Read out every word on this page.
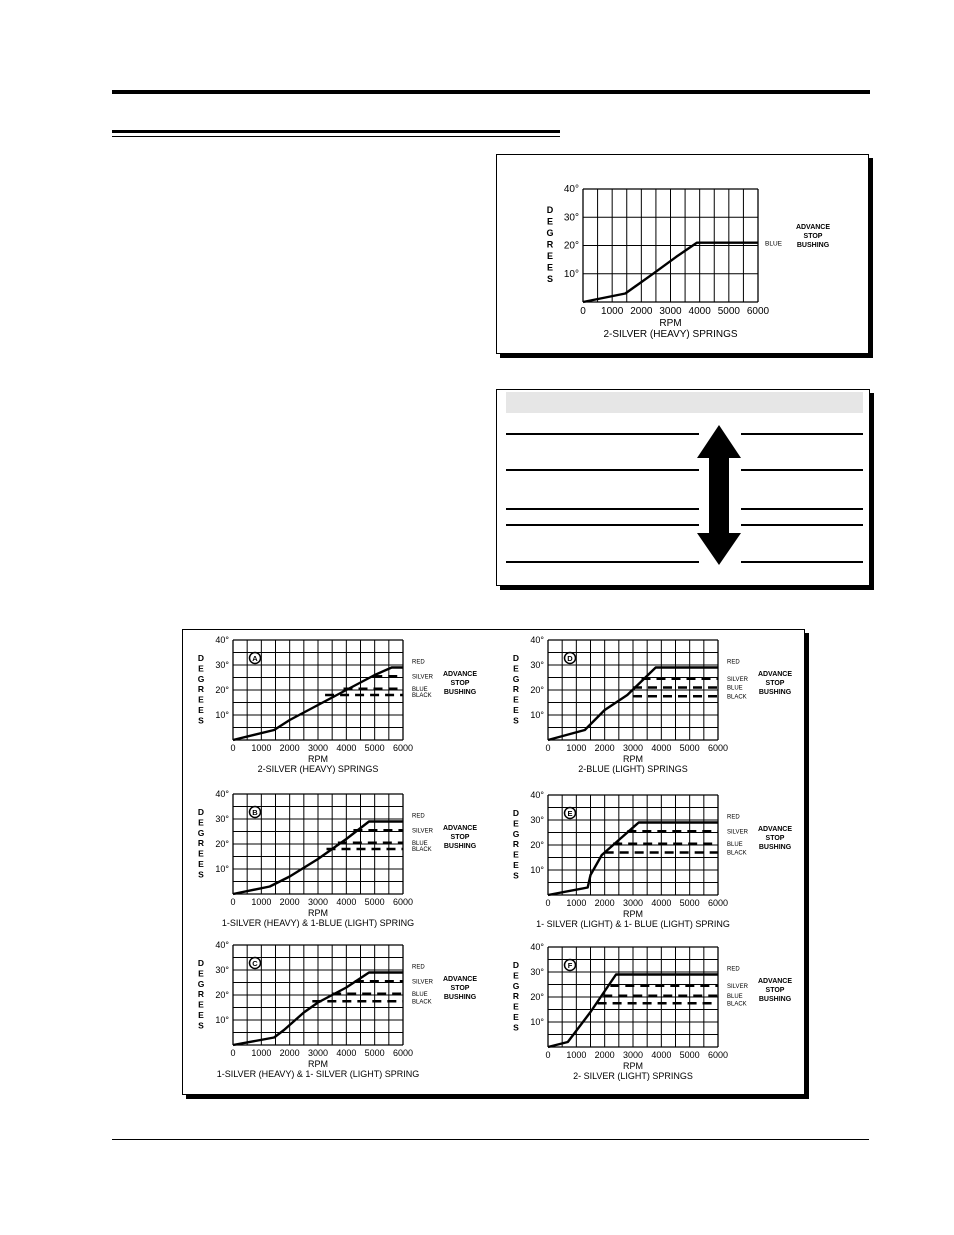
10°
20°
30°
40°
0 1000 2000 3000 4000 5000 6000
RPM
2-SILVER (HEAVY) SPRINGS
D
E
G
R
E
E
S
BLUE
ADVANCE
STOP
BUSHING
10°
20°
30°
40°
0 1000 2000 3000 4000 5000 6000
RPM
2-SILVER (HEAVY) SPRINGS
D
E
G
R
E
E
S
A	RED
SILVER
BLUE
BLACK
ADVANCE
STOP
BUSHING
10°
20°
30°
40°
0 1000 2000 3000 4000 5000 6000
RPM
1-SILVER (HEAVY) & 1-BLUE (LIGHT) SPRING
D
E
G
R
E
E
S
B	RED
SILVER
BLUE
BLACK
ADVANCE
STOP
BUSHING
10°
20°
30°
40°
0 1000 2000 3000 4000 5000 6000
RPM
1-SILVER (HEAVY) & 1- SILVER (LIGHT) SPRING
D
E
G
R
E
E
S
C	RED
SILVER
BLUE
BLACK
ADVANCE
STOP
BUSHING
10°
20°
30°
40°
0 1000 2000 3000 4000 5000 6000
RPM
2-BLUE (LIGHT) SPRINGS
D
E
G
R
E
E
S
D	RED
SILVER
BLUE
BLACK
ADVANCE
STOP
BUSHING
10°
20°
30°
40°
0 1000 2000 3000 4000 5000 6000
RPM
1- SILVER (LIGHT) & 1- BLUE (LIGHT) SPRING
D
E
G
R
E
E
S
E	RED
SILVER
BLUE
BLACK
ADVANCE
STOP
BUSHING
10°
20°
30°
40°
0 1000 2000 3000 4000 5000 6000
RPM
2- SILVER (LIGHT) SPRINGS
D
E
G
R
E
E
S
F	RED
SILVER
BLUE
BLACK
ADVANCE
STOP
BUSHING
